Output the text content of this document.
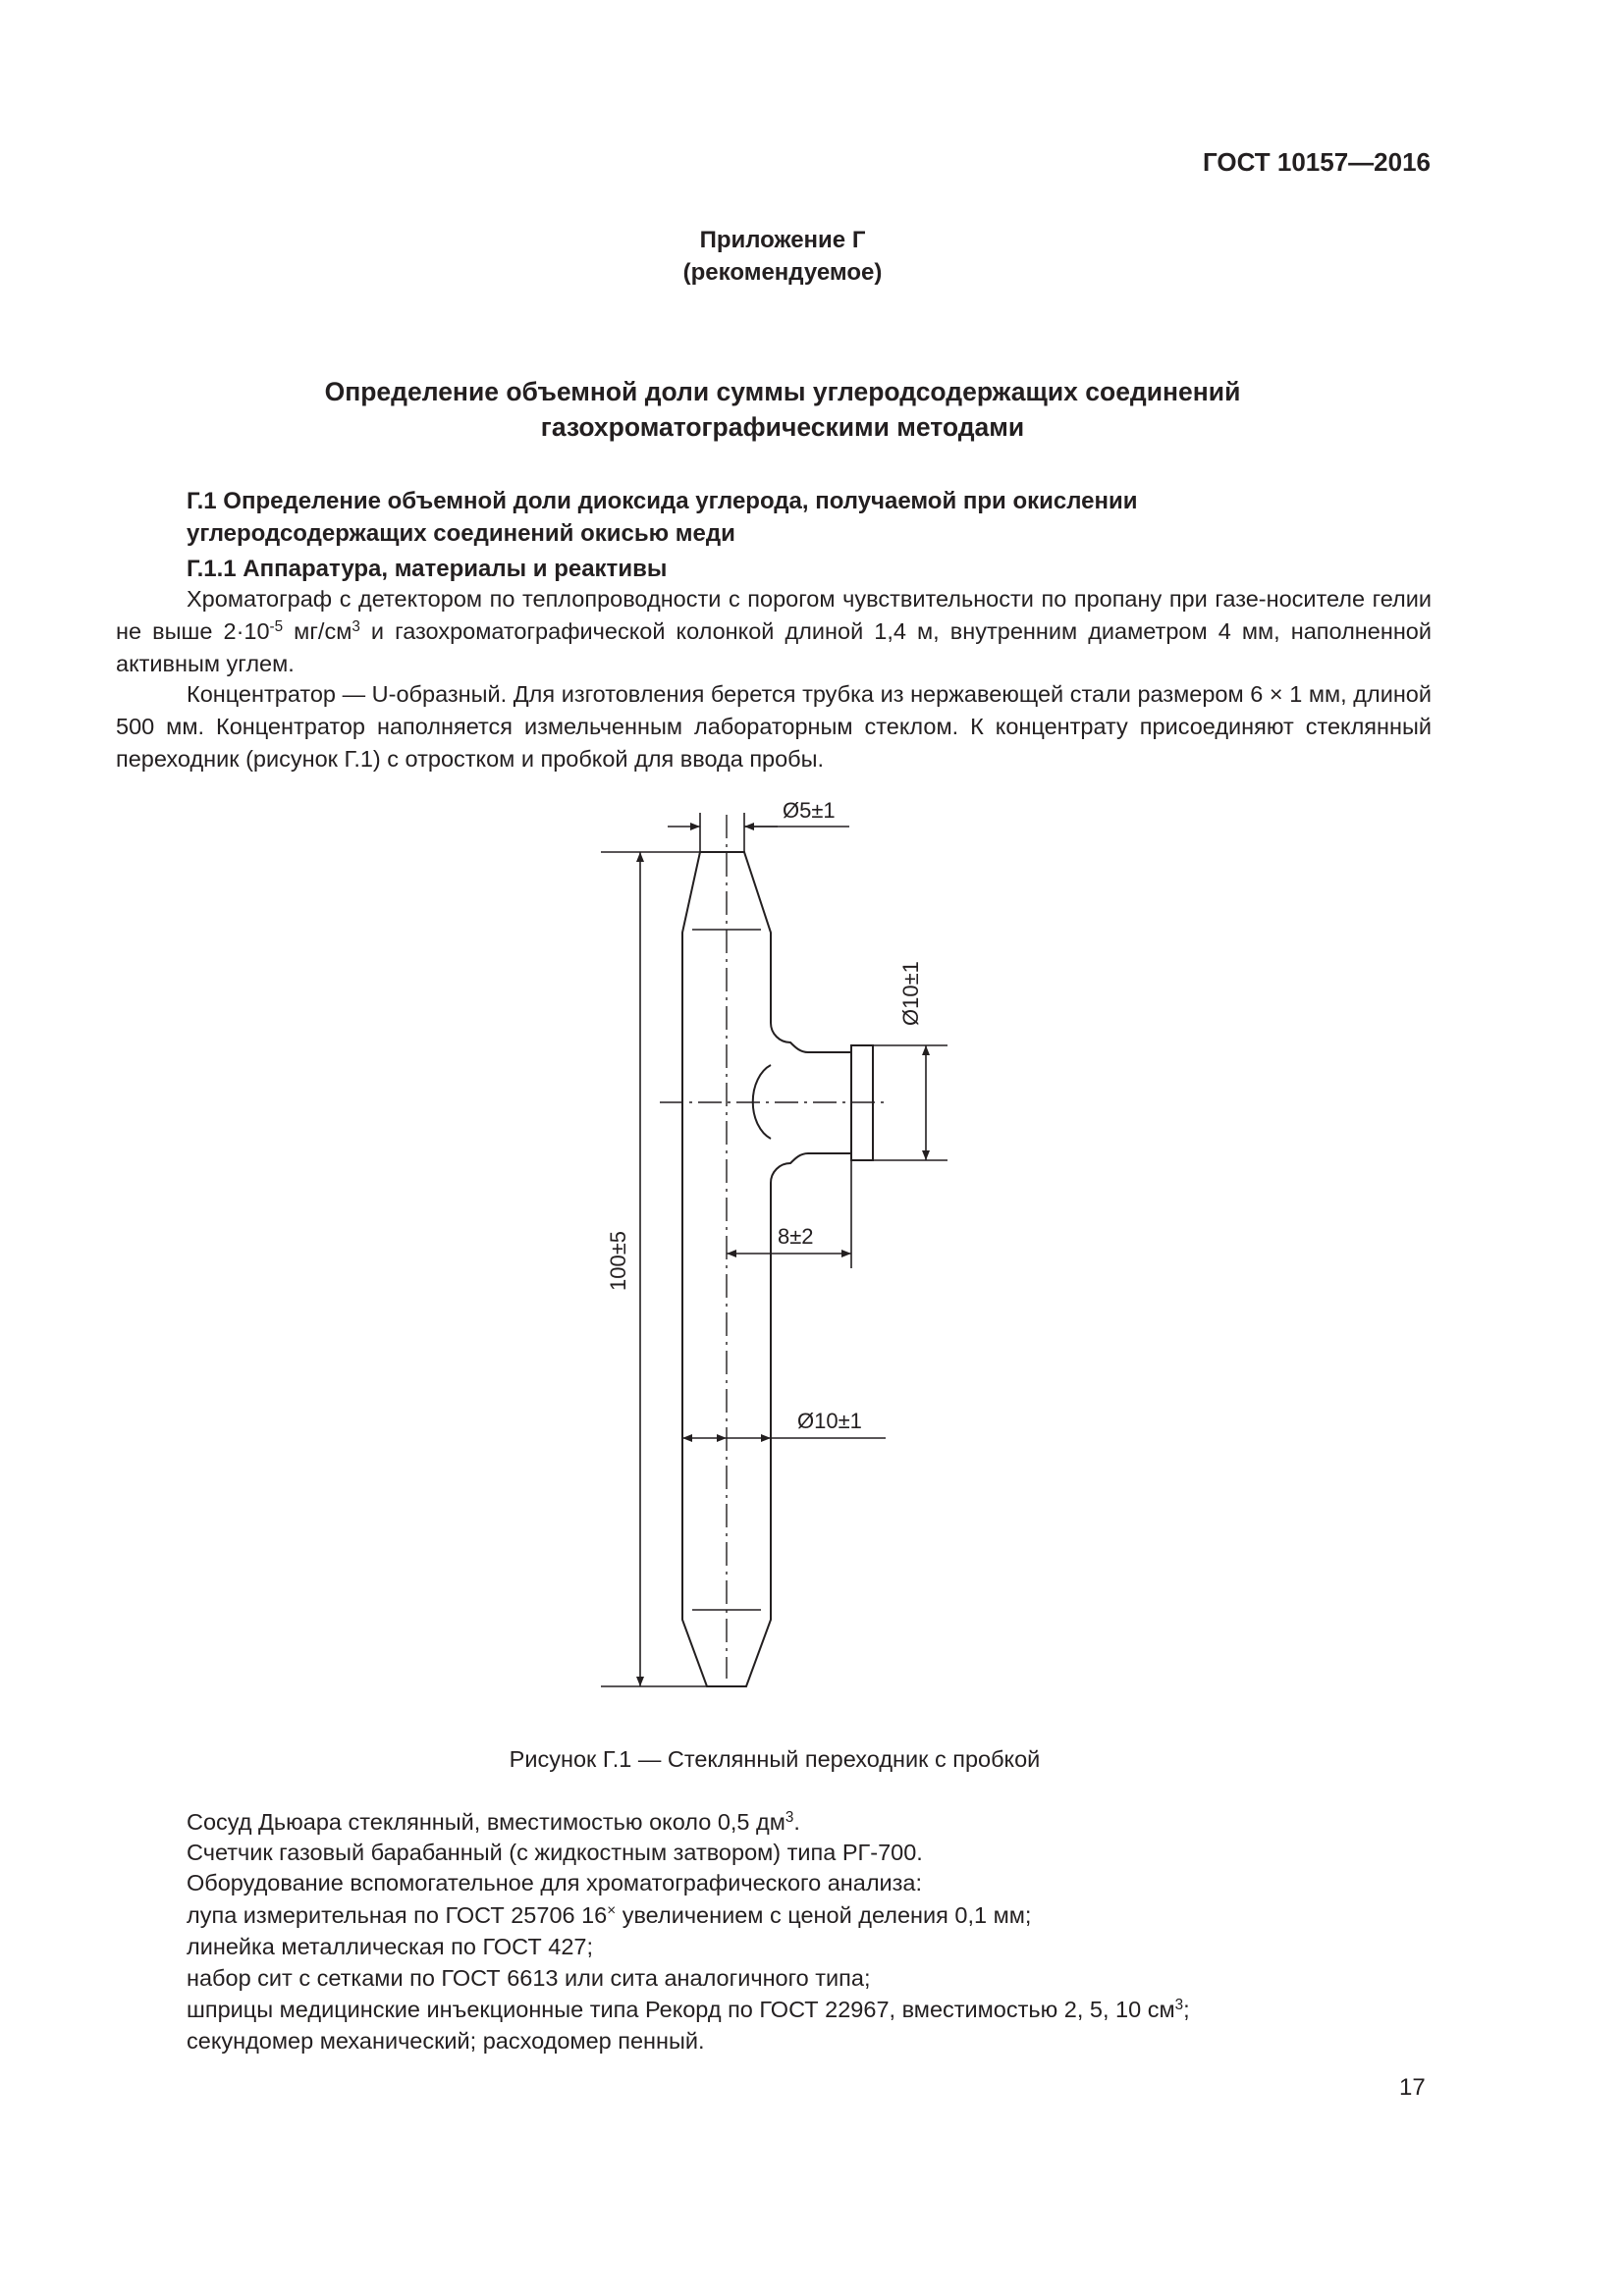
ГОСТ 10157—2016
Приложение Г
(рекомендуемое)
Определение объемной доли суммы углеродсодержащих соединений
газохроматографическими методами
Г.1 Определение объемной доли диоксида углерода, получаемой при окислении
углеродсодержащих соединений окисью меди
Г.1.1 Аппаратура, материалы и реактивы
Хроматограф с детектором по теплопроводности с порогом чувствительности по пропану при газе-носителе гелии не выше $2\cdot 10^{-5}$ $мг/см^3$ и газохроматографической колонкой длиной 1,4 м, внутренним диаметром 4 мм, наполненной активным углем.
Концентратор — U-образный. Для изготовления берется трубка из нержавеющей стали размером 6 × 1 мм, длиной 500 мм. Концентратор наполняется измельченным лабораторным стеклом. К концентрату присоединяют стеклянный переходник (рисунок Г.1) с отростком и пробкой для ввода пробы.
Ø5±1
Ø10±1
8±2
100±5
Ø10±1
Рисунок Г.1 — Стеклянный переходник с пробкой
Сосуд Дьюара стеклянный, вместимостью около 0,5 $дм^3$.
Счетчик газовый барабанный (с жидкостным затвором) типа РГ-700.
Оборудование вспомогательное для хроматографического анализа:
лупа измерительная по ГОСТ 25706 16× увеличением с ценой деления 0,1 мм;
линейка металлическая по ГОСТ 427;
набор сит с сетками по ГОСТ 6613 или сита аналогичного типа;
шприцы медицинские инъекционные типа Рекорд по ГОСТ 22967, вместимостью 2, 5, 10 $см^3$;
секундомер механический; расходомер пенный.
17
